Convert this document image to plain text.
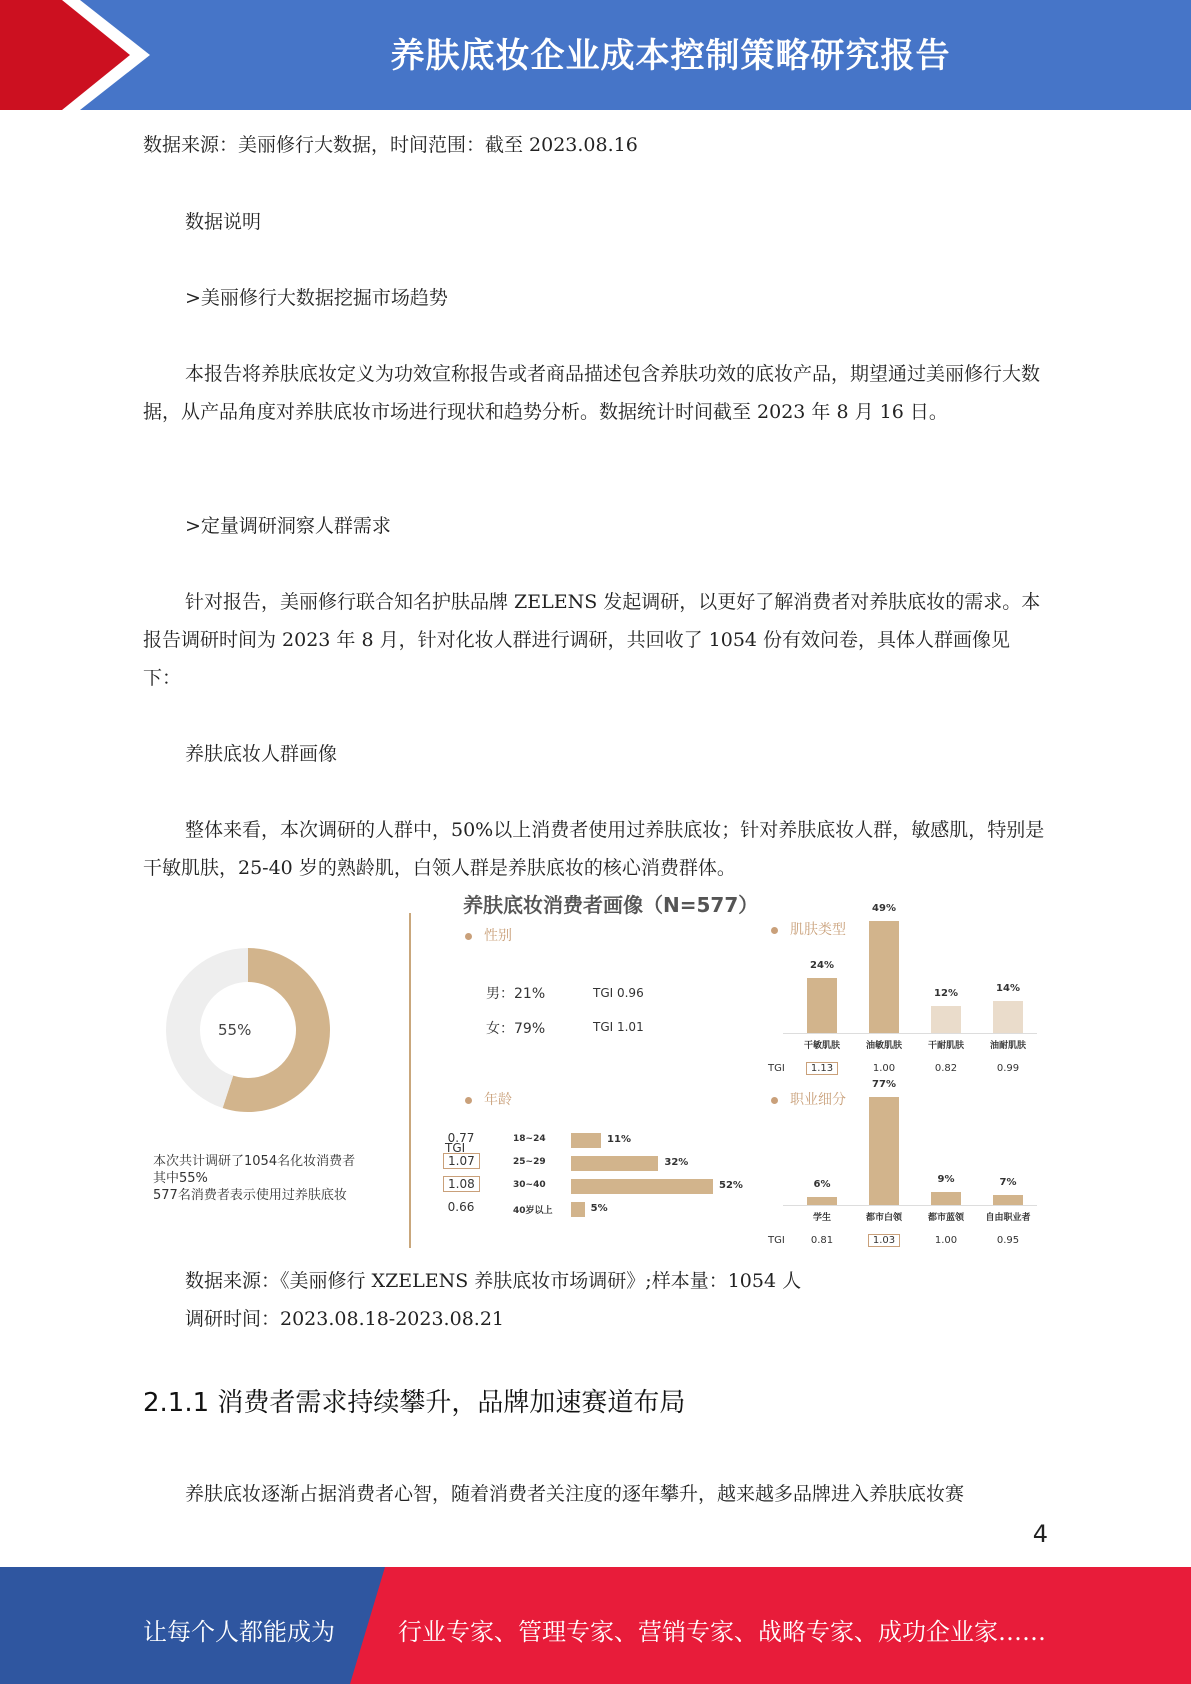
养肤底妆企业成本控制策略研究报告
数据来源：美丽修行大数据，时间范围：截至 2023.08.16
数据说明
>美丽修行大数据挖掘市场趋势
本报告将养肤底妆定义为功效宣称报告或者商品描述包含养肤功效的底妆产品，期望通过美丽修行大数据，从产品角度对养肤底妆市场进行现状和趋势分析。数据统计时间截至 2023 年 8 月 16 日。
>定量调研洞察人群需求
针对报告，美丽修行联合知名护肤品牌 ZELENS 发起调研，以更好了解消费者对养肤底妆的需求。本报告调研时间为 2023 年 8 月，针对化妆人群进行调研，共回收了 1054 份有效问卷，具体人群画像见下：
养肤底妆人群画像
整体来看，本次调研的人群中，50%以上消费者使用过养肤底妆；针对养肤底妆人群，敏感肌，特别是干敏肌肤，25-40 岁的熟龄肌，白领人群是养肤底妆的核心消费群体。
养肤底妆消费者画像（N=577）
55%
本次共计调研了1054名化妆消费者
其中55%
577名消费者表示使用过养肤底妆
性别
男：21%	TGI 0.96
女：79%	TGI 1.01
肌肤类型
TGI
年龄
TGI
职业细分
TGI
24%
干敏肌肤
1.13
49%
油敏肌肤
1.00
12%
干耐肌肤
0.82
14%
油耐肌肤
0.99
6%
学生
0.81
77%
都市白领
1.03
9%
都市蓝领
1.00
7%
自由职业者
0.95
0.77	18~24	11%
1.07	25~29	32%
1.08	30~40	52%
0.66	40岁以上	5%
数据来源：《美丽修行 XZELENS 养肤底妆市场调研》;样本量：1054 人
调研时间：2023.08.18-2023.08.21
2.1.1 消费者需求持续攀升，品牌加速赛道布局
养肤底妆逐渐占据消费者心智，随着消费者关注度的逐年攀升，越来越多品牌进入养肤底妆赛
4
让每个人都能成为	行业专家、管理专家、营销专家、战略专家、成功企业家……
